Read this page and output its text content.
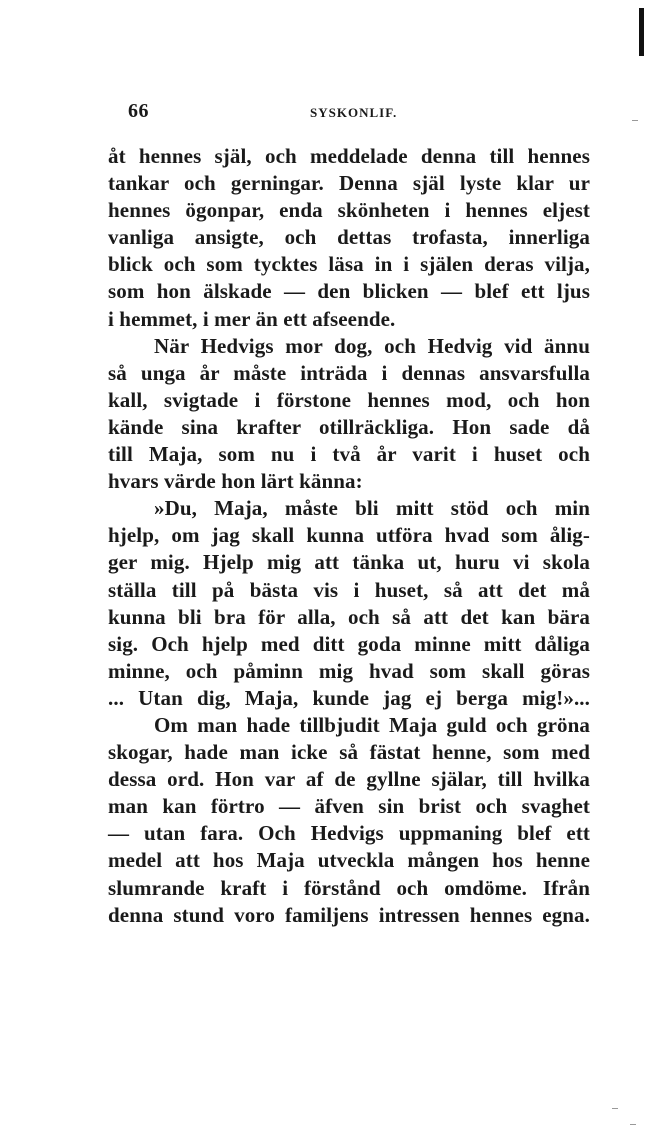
66	SYSKONLIF.
åt hennes själ, och meddelade denna till hennes
tankar och gerningar. Denna själ lyste klar ur
hennes ögonpar, enda skönheten i hennes eljest
vanliga ansigte, och dettas trofasta, innerliga
blick och som tycktes läsa in i själen deras vilja,
som hon älskade — den blicken — blef ett ljus
i hemmet, i mer än ett afseende.
När Hedvigs mor dog, och Hedvig vid ännu
så unga år måste inträda i dennas ansvarsfulla
kall, svigtade i förstone hennes mod, och hon
kände sina krafter otillräckliga. Hon sade då
till Maja, som nu i två år varit i huset och
hvars värde hon lärt känna:
»Du, Maja, måste bli mitt stöd och min
hjelp, om jag skall kunna utföra hvad som ålig-
ger mig. Hjelp mig att tänka ut, huru vi skola
ställa till på bästa vis i huset, så att det må
kunna bli bra för alla, och så att det kan bära
sig. Och hjelp med ditt goda minne mitt dåliga
minne, och påminn mig hvad som skall göras
... Utan dig, Maja, kunde jag ej berga mig!»...
Om man hade tillbjudit Maja guld och gröna
skogar, hade man icke så fästat henne, som med
dessa ord. Hon var af de gyllne själar, till hvilka
man kan förtro — äfven sin brist och svaghet
— utan fara. Och Hedvigs uppmaning blef ett
medel att hos Maja utveckla mången hos henne
slumrande kraft i förstånd och omdöme. Ifrån
denna stund voro familjens intressen hennes egna.
